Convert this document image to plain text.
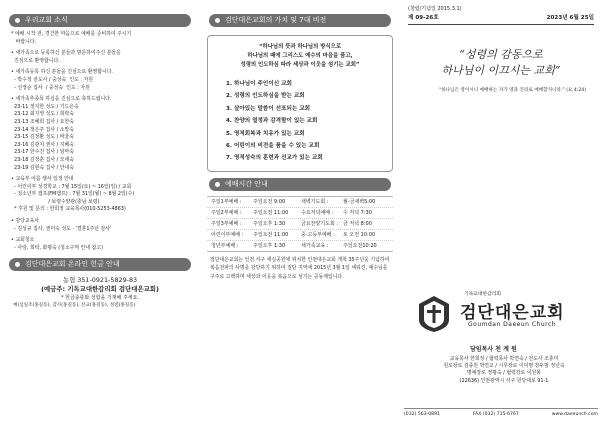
우리교회 소식
* 예배 시작 전, 경건한 마음으로 예배를 준비하여 주시기
바랍니다.
• 새가족으로 등록하신 분들과 방문하여주신 분들을
진심으로 환영합니다.
• 새가족등록 하신 분들을 진심으로 환영합니다.
- 박수정 전도사 / 중성숙  인도 : 자원
- 선정순 집사  / 중성숙  인도 : 자원
• 새가족추종목 하실을 진심으로 축하드립니다.
23-11 정지한 성도 / 기드온숙
23-12 최지영 성도 / 희락숙
23-13 조혜희 집사 / 요한숙
23-14 정은주 집사 / 소망숙
23-15 김정환 성도 / 바울숙
23-16 김광지 권사 / 지베숙
23-17 한수진 집사 / 임마숙
23-18 김정훈 집사 / 모세숙
23-19 김현숙 집사 / 안내숙
• 교육부 여름 행사 일정 안내
- 어린이부 성경학교 : 7월 15일(토) ~ 16일(일) / 교회
- 청소년부 캠프(FM캠프) : 7월 31일(월) ~ 8월 2일(수)
/ 보령수양관(충남 보령)
* 후원 및 문의 : 한희정 교육목사(010-5253-4863)
• 감당교육사
- 김성규 집사, 권미숙 성도 · '결혼1주년 감사'
• 교회청소
- 사랑, 희락, 화평숙 (청소구역 안내 참고)
검단대은교회 온라인 헌금 안내
농협 351-0921-5829-83
(예금주: 기독교대한감리회 검단대은교회)
* 헌금종류와 성함을 기재해 주세요.
예)심일조(홍길동), 감사(홍길동), 선교(홍길동), 성전(홍길동)
검단대은교회의 가치 및 7대 비전
“하나님의 뜻과 하나님의 방식으로
하나님의 때에 그리스도 예수의 마음을 품고,
성령의 인도하심 따라 세상과 이웃을 섬기는 교회”
1. 하나님이 주인이신 교회
2. 성령의 인도하심을 받는 교회
3. 살아있는 말씀이 선포되는 교회
4. 찬양의 열정과 감격함이 있는 교회
5. 영적회복과 치유가 있는 교회
6. 어린이의 비전을 품을 수 있는 교회
7. 영적성숙의 훈련과 선교가 있는 교회
예배시간 안내
주일1부예배 :	주일오전 9:00	새벽기도회 :	월-금새벽5:00
주일2부예배 :	주일오전 11:00	수요저녁예배 :	수 저녁 7:30
주일3부예배 :	주일오후 1:30	금요찬양기도회 : 금 저녁 8:00
어린이부예배 :	주일오전 11:00	중·고등부예배 :	토 오전 10:00
청년부예배 :	주일오후 1:30	새가족교육 :	주일오전10:20
검단대은교회는 인천 서구 세실공원에 위치한 인천대은교회 개척 35주년을 기념하여 복음전파의 사명을 감당하기 위하여 검단 지역에 2015년 3월 1일 세워진, 예수님을 구주로 고백하며 세상과 이웃을 복음으로 섬기는 공동체입니다.
(창립/기념일 2015.3.1)
제 09-26호	2023년 6월 25일
“성령의 감동으로
하나님이 이끄시는 교회”
“하나님은 영이시니 예배하는 자가 영과 진리로 예배할지니라.” (요 4:24)
기독교대한감리회
검단대은교회
Goumdan Daeeun Church
담임목사 천 계 원
교육목사 한희정 / 협력목사 박연숙 / 전도사 조충미
원로장로 김종원 박연교 / 시무장로 이덕명 장두범 정년숙
명예장로 정평숙 / 협력장로 이원봉
(22636) 인천광역시 서구 원당대로 91-1
(032) 563-0891	FAX (032) 715-6767	www.daeeunch.com
